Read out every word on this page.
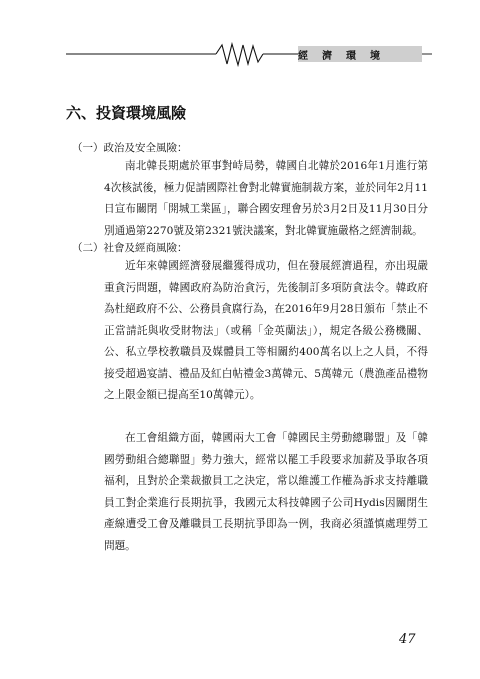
經濟環境
六、投資環境風險
（一）政治及安全風險：
南北韓長期處於軍事對峙局勢，韓國自北韓於2016年1月進行第4次核試後，極力促請國際社會對北韓實施制裁方案，並於同年2月11日宣布關閉「開城工業區」，聯合國安理會另於3月2日及11月30日分別通過第2270號及第2321號決議案，對北韓實施嚴格之經濟制裁。
（二）社會及經商風險：
近年來韓國經濟發展繼獲得成功，但在發展經濟過程，亦出現嚴重貪污問題，韓國政府為防治貪污，先後制訂多項防貪法令。韓政府為杜絕政府不公、公務員貪腐行為，在2016年9月28日頒布「禁止不正當請託與收受財物法」（或稱「金英蘭法」），規定各級公務機關、公、私立學校教職員及媒體員工等相關約400萬名以上之人員，不得接受超過宴請、禮品及紅白帖禮金3萬韓元、5萬韓元（農漁產品禮物之上限金額已提高至10萬韓元）。
在工會組織方面，韓國兩大工會「韓國民主勞動總聯盟」及「韓國勞動組合總聯盟」勢力強大，經常以罷工手段要求加薪及爭取各項福利，且對於企業裁撤員工之決定，常以維護工作權為訴求支持離職員工對企業進行長期抗爭，我國元太科技韓國子公司Hydis因關閉生產線遭受工會及離職員工長期抗爭即為一例，我商必須謹慎處理勞工問題。
47
